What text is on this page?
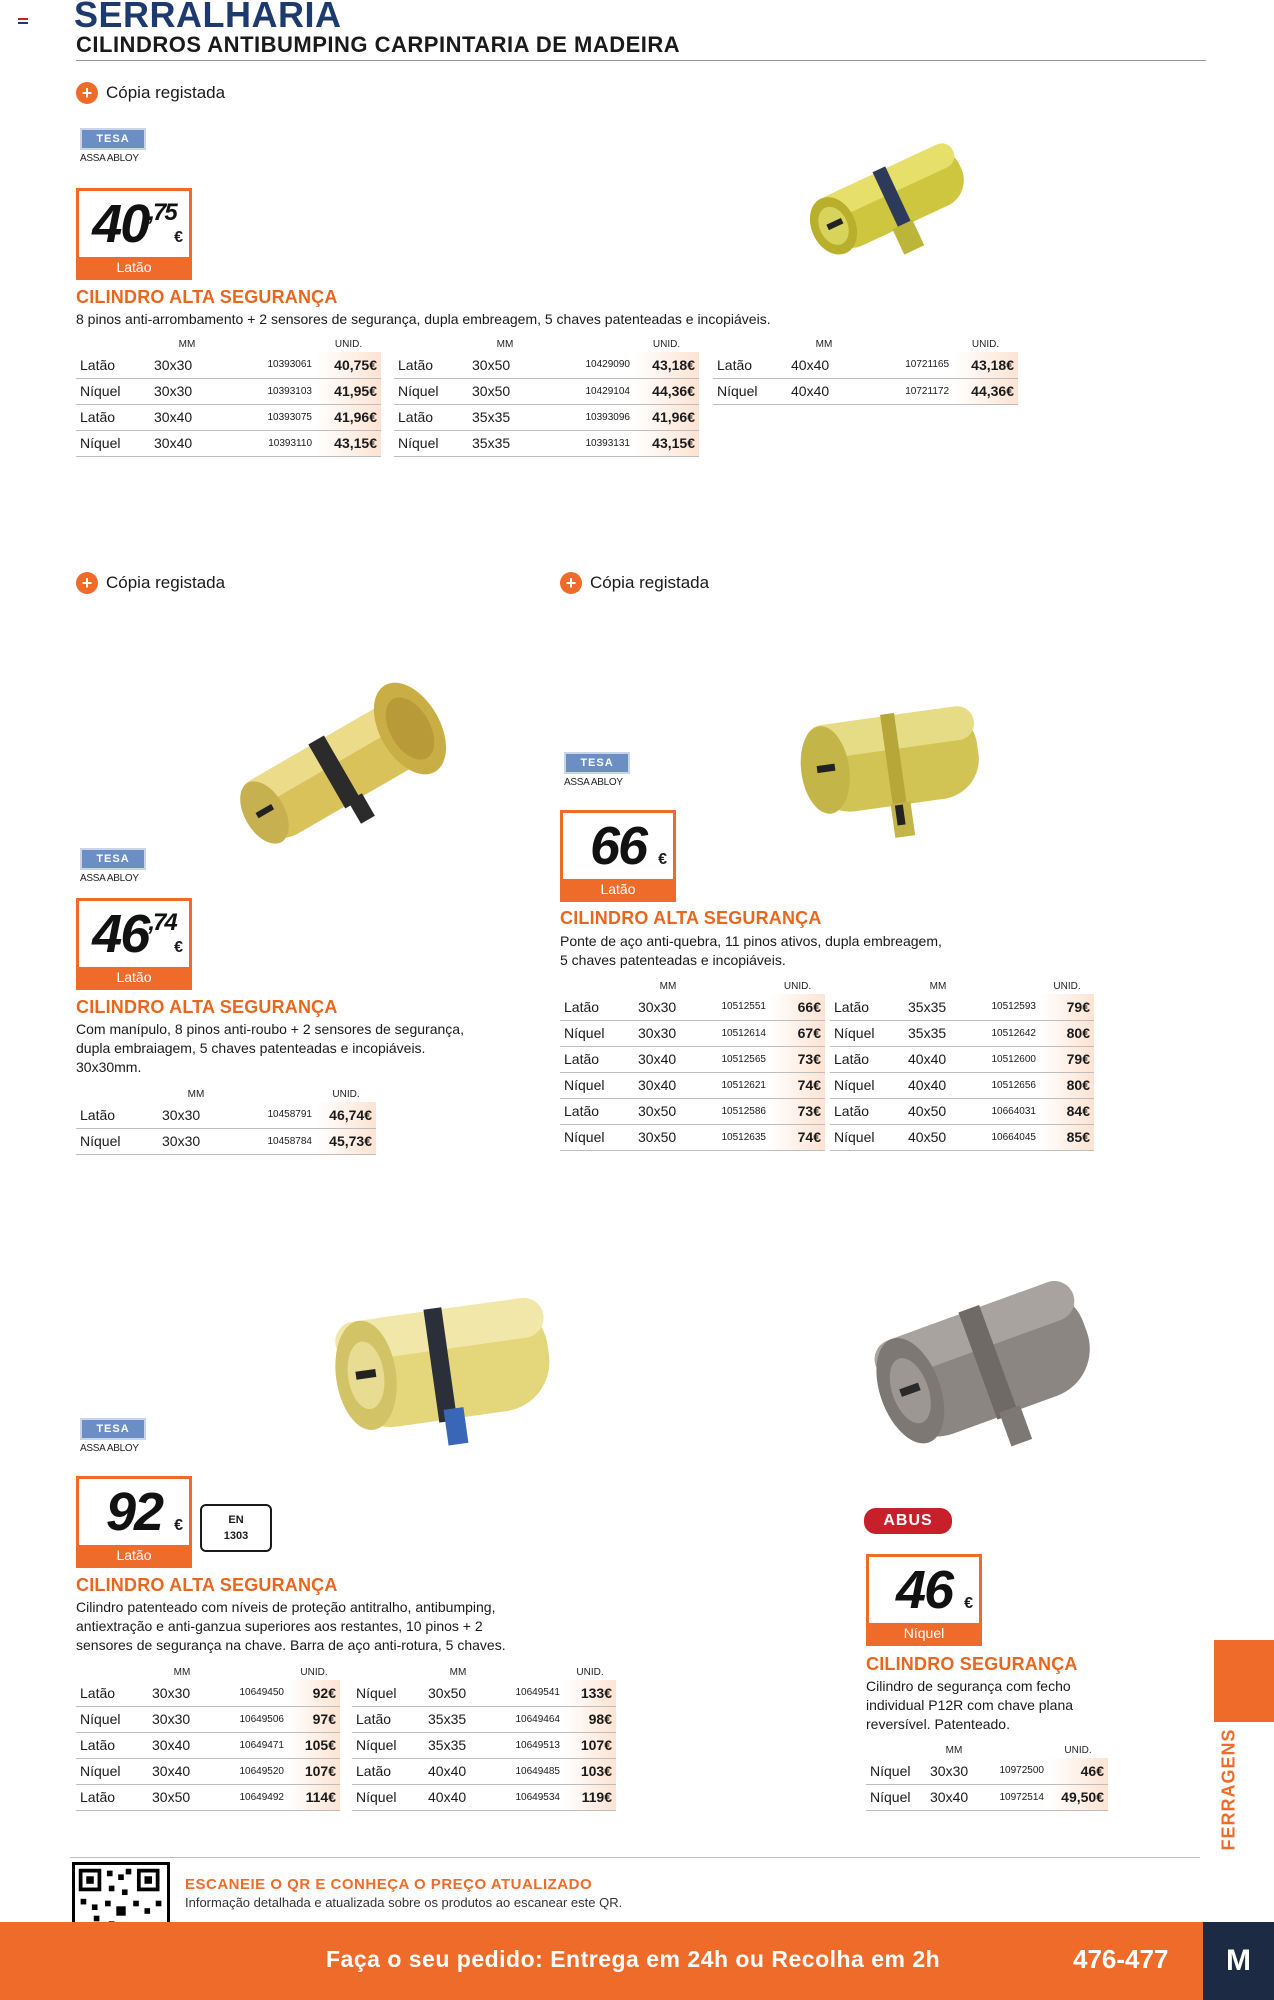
SERRALHARIA
CILINDROS ANTIBUMPING CARPINTARIA DE MADEIRA
+ Cópia registada
TESA
ASSA ABLOY
$40^{,75}$
€
Latão
CILINDRO ALTA SEGURANÇA
8 pinos anti-arrombamento + 2 sensores de segurança, dupla embreagem, 5 chaves patenteadas e incopiáveis.
	MM		UNID.
Latão	30x30	10393061	40,75€
Níquel	30x30	10393103	41,95€
Latão	30x40	10393075	41,96€
Níquel	30x40	10393110	43,15€
	MM		UNID.
Latão	30x50	10429090	43,18€
Níquel	30x50	10429104	44,36€
Latão	35x35	10393096	41,96€
Níquel	35x35	10393131	43,15€
	MM		UNID.
Latão	40x40	10721165	43,18€
Níquel	40x40	10721172	44,36€
+ Cópia registada
TESA
ASSA ABLOY
$46^{,74}$
€
Latão
CILINDRO ALTA SEGURANÇA
Com manípulo, 8 pinos anti-roubo + 2 sensores de segurança,
dupla embraiagem, 5 chaves patenteadas e incopiáveis.
30x30mm.
	MM		UNID.
Latão	30x30	10458791	46,74€
Níquel	30x30	10458784	45,73€
+ Cópia registada
TESA
ASSA ABLOY
66 €
Latão
CILINDRO ALTA SEGURANÇA
Ponte de aço anti-quebra, 11 pinos ativos, dupla embreagem,
5 chaves patenteadas e incopiáveis.
	MM		UNID.
Latão	30x30	10512551	66€
Níquel	30x30	10512614	67€
Latão	30x40	10512565	73€
Níquel	30x40	10512621	74€
Latão	30x50	10512586	73€
Níquel	30x50	10512635	74€
	MM		UNID.
Latão	35x35	10512593	79€
Níquel	35x35	10512642	80€
Latão	40x40	10512600	79€
Níquel	40x40	10512656	80€
Latão	40x50	10664031	84€
Níquel	40x50	10664045	85€
TESA
ASSA ABLOY
92 €
Latão
EN
1303
CILINDRO ALTA SEGURANÇA
Cilindro patenteado com níveis de proteção antitralho, antibumping,
antiextração e anti-ganzua superiores aos restantes, 10 pinos + 2
sensores de segurança na chave. Barra de aço anti-rotura, 5 chaves.
	MM		UNID.
Latão	30x30	10649450	92€
Níquel	30x30	10649506	97€
Latão	30x40	10649471	105€
Níquel	30x40	10649520	107€
Latão	30x50	10649492	114€
	MM		UNID.
Níquel	30x50	10649541	133€
Latão	35x35	10649464	98€
Níquel	35x35	10649513	107€
Latão	40x40	10649485	103€
Níquel	40x40	10649534	119€
ABUS
46 €
Níquel
CILINDRO SEGURANÇA
Cilindro de segurança com fecho
individual P12R com chave plana
reversível. Patenteado.
	MM		UNID.
Níquel	30x30	10972500	46€
Níquel	30x40	10972514	49,50€	FERRAGENS
ESCANEIE O QR E CONHEÇA O PREÇO ATUALIZADO
Informação detalhada e atualizada sobre os produtos ao escanear este QR.
Faça o seu pedido: Entrega em 24h ou Recolha em 2h	476-477	M
